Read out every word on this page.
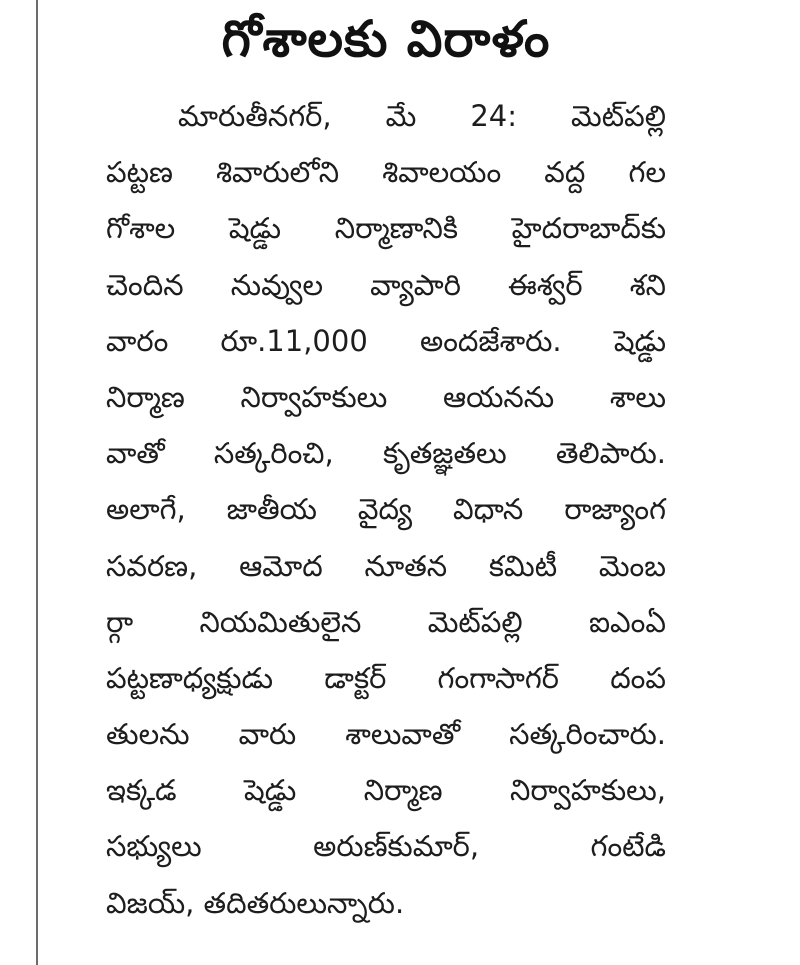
గోశాలకు విరాళం
మారుతీనగర్, మే 24: మెట్‌పల్లి
పట్టణ శివారులోని శివాలయం వద్ద గల
గోశాల షెడ్డు నిర్మాణానికి హైదరాబాద్‌కు
చెందిన నువ్వుల వ్యాపారి ఈశ్వర్ శని
వారం రూ.11,000 అందజేశారు. షెడ్డు
నిర్మాణ నిర్వాహకులు ఆయనను శాలు
వాతో సత్కరించి, కృతజ్ఞతలు తెలిపారు.
అలాగే, జాతీయ వైద్య విధాన రాజ్యాంగ
సవరణ, ఆమోద నూతన కమిటీ మెంబ
ర్గా నియమితులైన మెట్‌పల్లి ఐఎంఏ
పట్టణాధ్యక్షుడు డాక్టర్ గంగాసాగర్ దంప
తులను వారు శాలువాతో సత్కరించారు.
ఇక్కడ షెడ్డు నిర్మాణ నిర్వాహకులు,
సభ్యులు అరుణ్‌కుమార్, గంటేడి
విజయ్, తదితరులున్నారు.
